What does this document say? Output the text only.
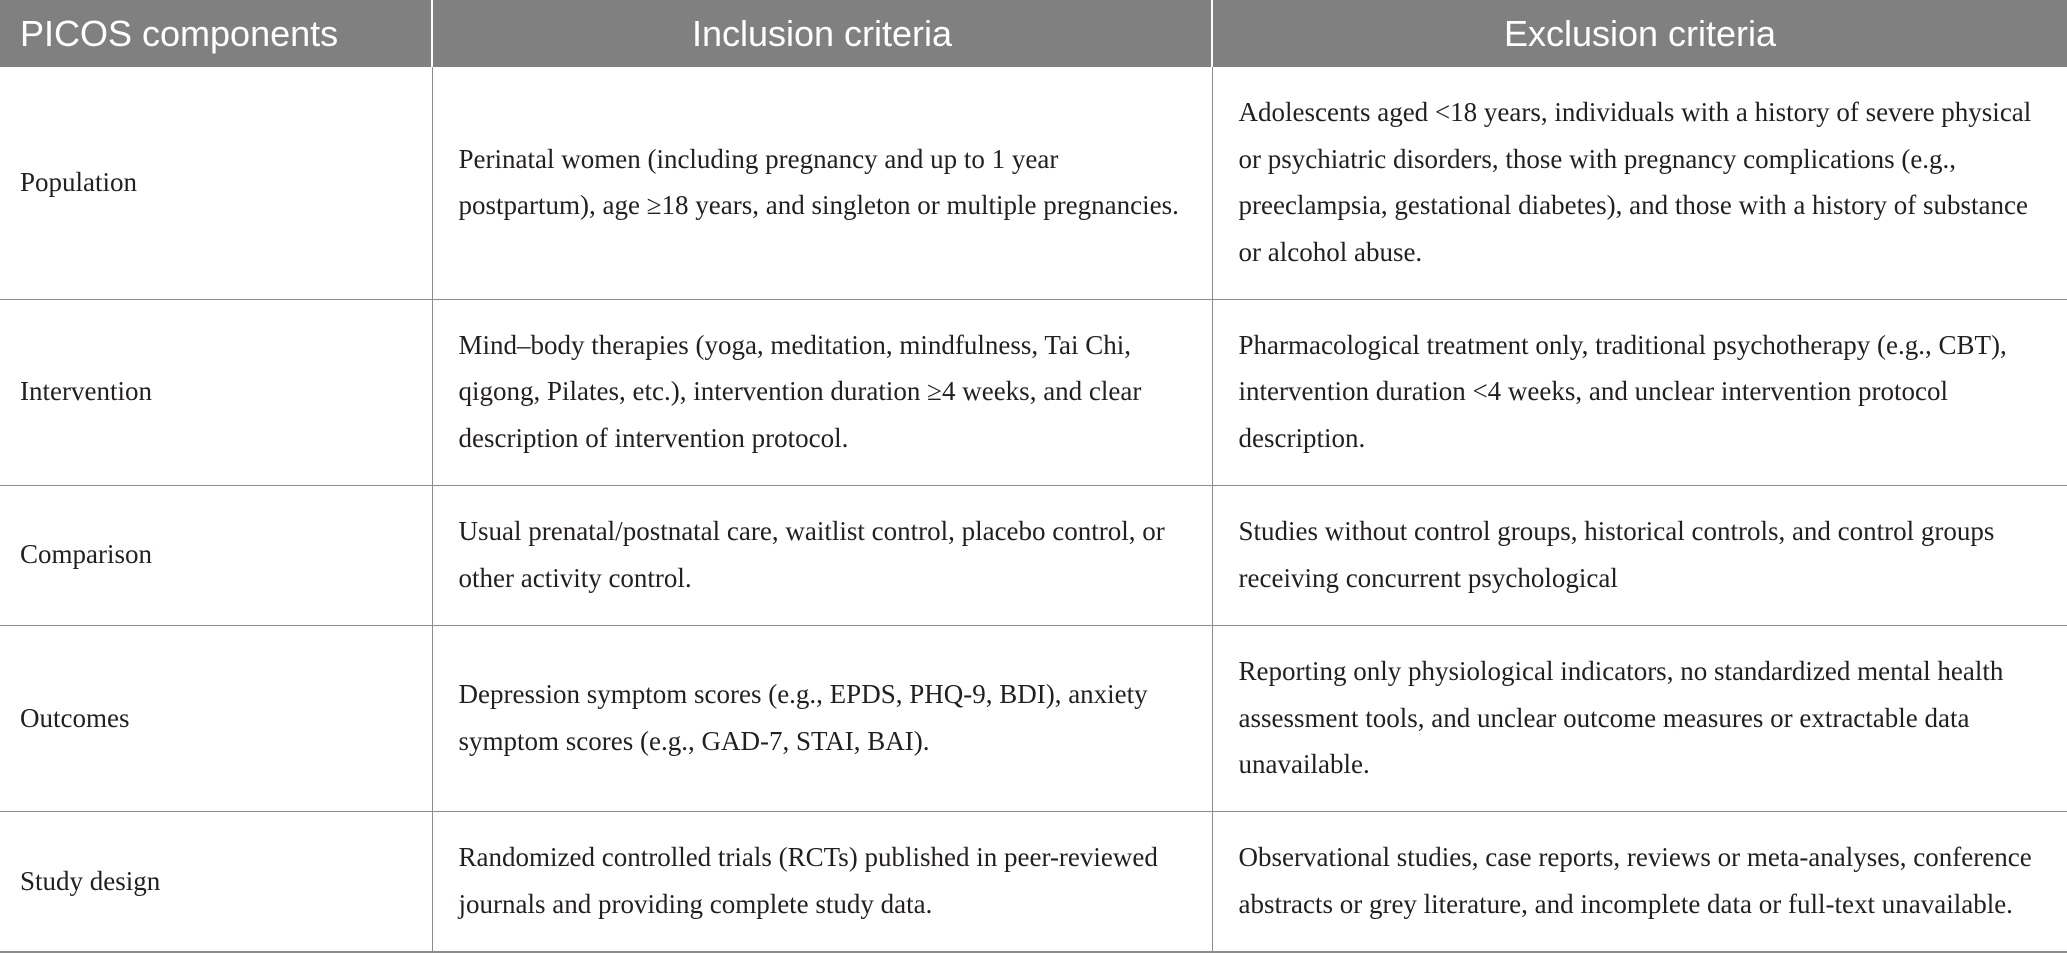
PICOS components	Inclusion criteria	Exclusion criteria
Population	Perinatal women (including pregnancy and up to 1 year postpartum), age ≥18 years, and singleton or multiple pregnancies.	Adolescents aged <18 years, individuals with a history of severe physical or psychiatric disorders, those with pregnancy complications (e.g., preeclampsia, gestational diabetes), and those with a history of substance or alcohol abuse.
Intervention	Mind–body therapies (yoga, meditation, mindfulness, Tai Chi, qigong, Pilates, etc.), intervention duration ≥4 weeks, and clear description of intervention protocol.	Pharmacological treatment only, traditional psychotherapy (e.g., CBT), intervention duration <4 weeks, and unclear intervention protocol description.
Comparison	Usual prenatal/postnatal care, waitlist control, placebo control, or other activity control.	Studies without control groups, historical controls, and control groups receiving concurrent psychological
Outcomes	Depression symptom scores (e.g., EPDS, PHQ-9, BDI), anxiety symptom scores (e.g., GAD-7, STAI, BAI).	Reporting only physiological indicators, no standardized mental health assessment tools, and unclear outcome measures or extractable data unavailable.
Study design	Randomized controlled trials (RCTs) published in peer-reviewed journals and providing complete study data.	Observational studies, case reports, reviews or meta-analyses, conference abstracts or grey literature, and incomplete data or full-text unavailable.
